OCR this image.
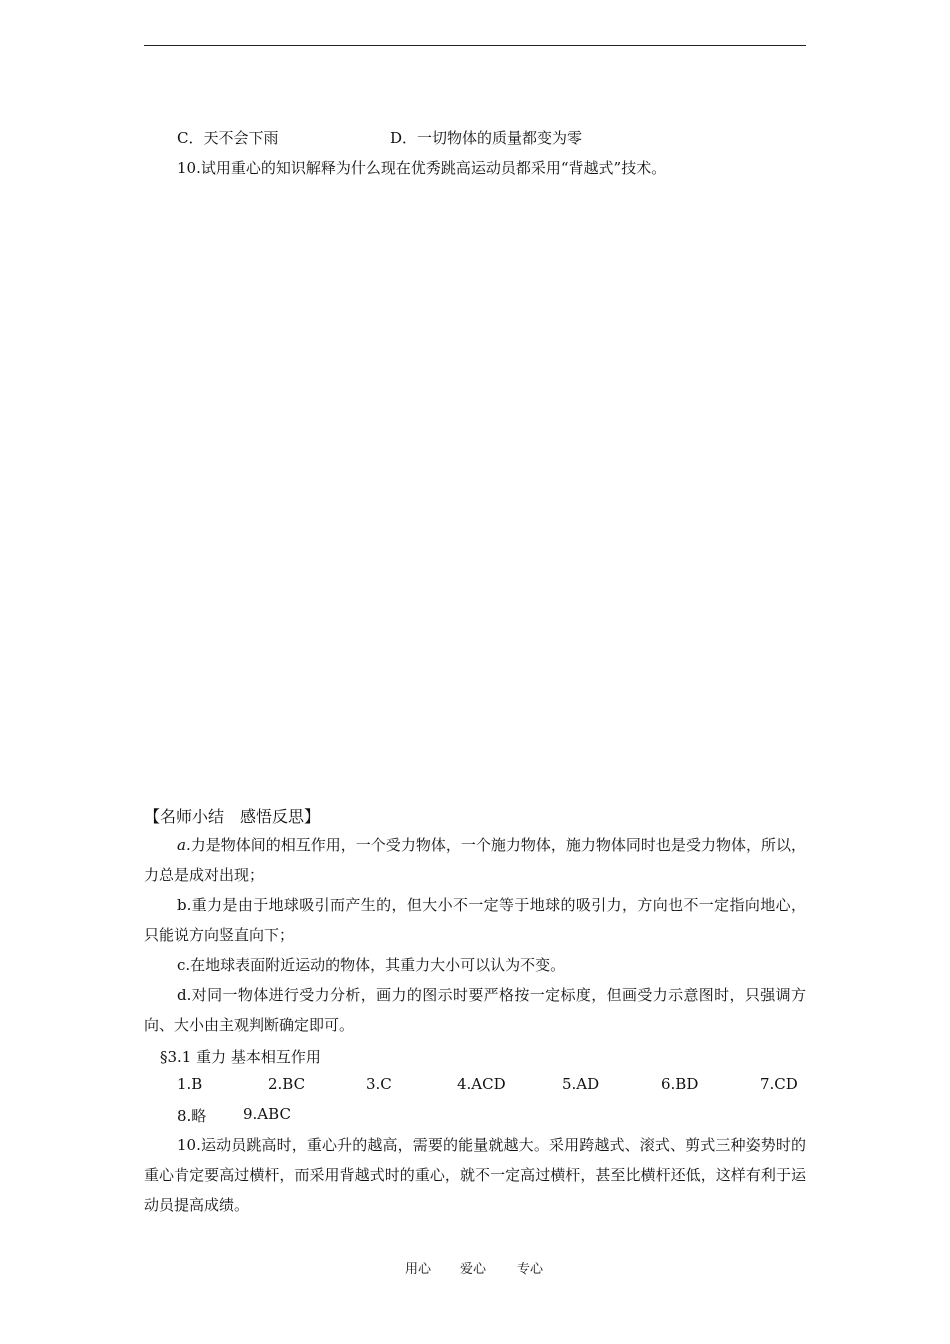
C．天不会下雨	D．一切物体的质量都变为零
10.试用重心的知识解释为什么现在优秀跳高运动员都采用“背越式”技术。
【名师小结　感悟反思】

a.力是物体间的相互作用，一个受力物体，一个施力物体，施力物体同时也是受力物体，所以，力总是成对出现；

b.重力是由于地球吸引而产生的，但大小不一定等于地球的吸引力，方向也不一定指向地心，只能说方向竖直向下；

c.在地球表面附近运动的物体，其重力大小可以认为不变。

d.对同一物体进行受力分析，画力的图示时要严格按一定标度，但画受力示意图时，只强调方向、大小由主观判断确定即可。

§3.1 重力 基本相互作用
1.B	2.BC	3.C	4.ACD	5.AD	6.BD	7.CD
8.略 9.ABC

10.运动员跳高时，重心升的越高，需要的能量就越大。采用跨越式、滚式、剪式三种姿势时的重心肯定要高过横杆，而采用背越式时的重心，就不一定高过横杆，甚至比横杆还低，这样有利于运动员提高成绩。

用心 爱心 专心
